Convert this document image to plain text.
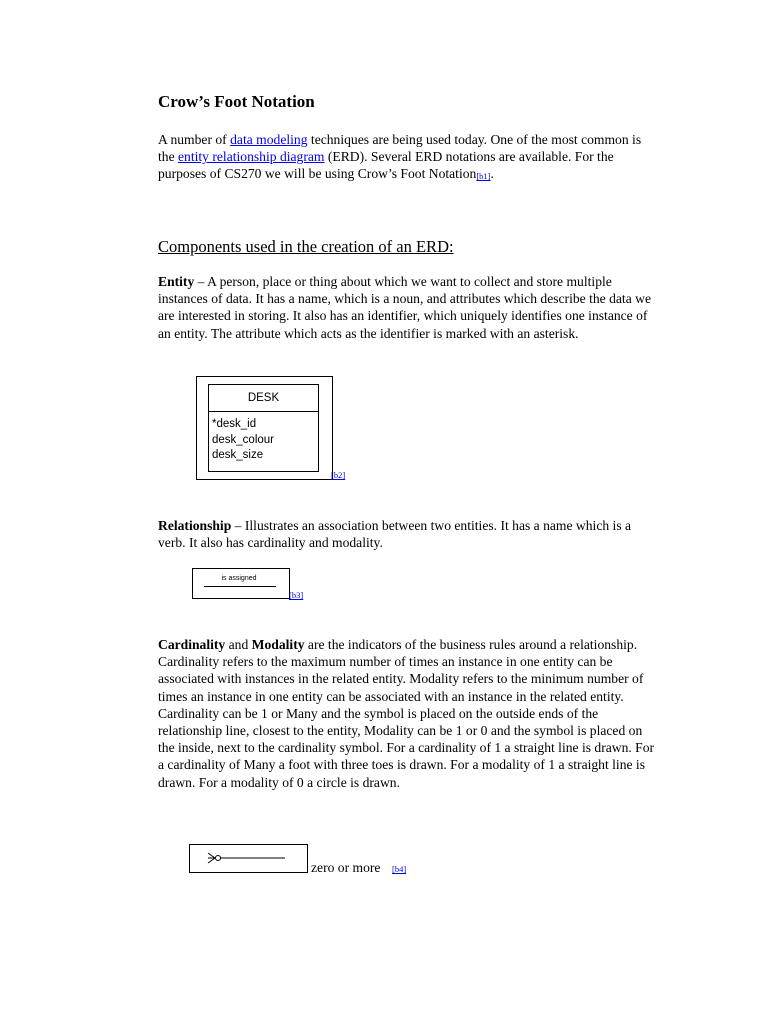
Crow’s Foot Notation
A number of data modeling techniques are being used today. One of the most common is the entity relationship diagram (ERD). Several ERD notations are available. For the purposes of CS270 we will be using Crow’s Foot Notation[b1].
Components used in the creation of an ERD:
Entity – A person, place or thing about which we want to collect and store multiple instances of data. It has a name, which is a noun, and attributes which describe the data we are interested in storing. It also has an identifier, which uniquely identifies one instance of an entity. The attribute which acts as the identifier is marked with an asterisk.
DESK
*desk_id
desk_colour
desk_size
[b2]
Relationship – Illustrates an association between two entities. It has a name which is a verb. It also has cardinality and modality.
is assigned
[b3]
Cardinality and Modality are the indicators of the business rules around a relationship. Cardinality refers to the maximum number of times an instance in one entity can be associated with instances in the related entity. Modality refers to the minimum number of times an instance in one entity can be associated with an instance in the related entity.
Cardinality can be 1 or Many and the symbol is placed on the outside ends of the relationship line, closest to the entity, Modality can be 1 or 0 and the symbol is placed on the inside, next to the cardinality symbol. For a cardinality of 1 a straight line is drawn. For a cardinality of Many a foot with three toes is drawn. For a modality of 1 a straight line is drawn. For a modality of 0 a circle is drawn.
zero or more [b4]
